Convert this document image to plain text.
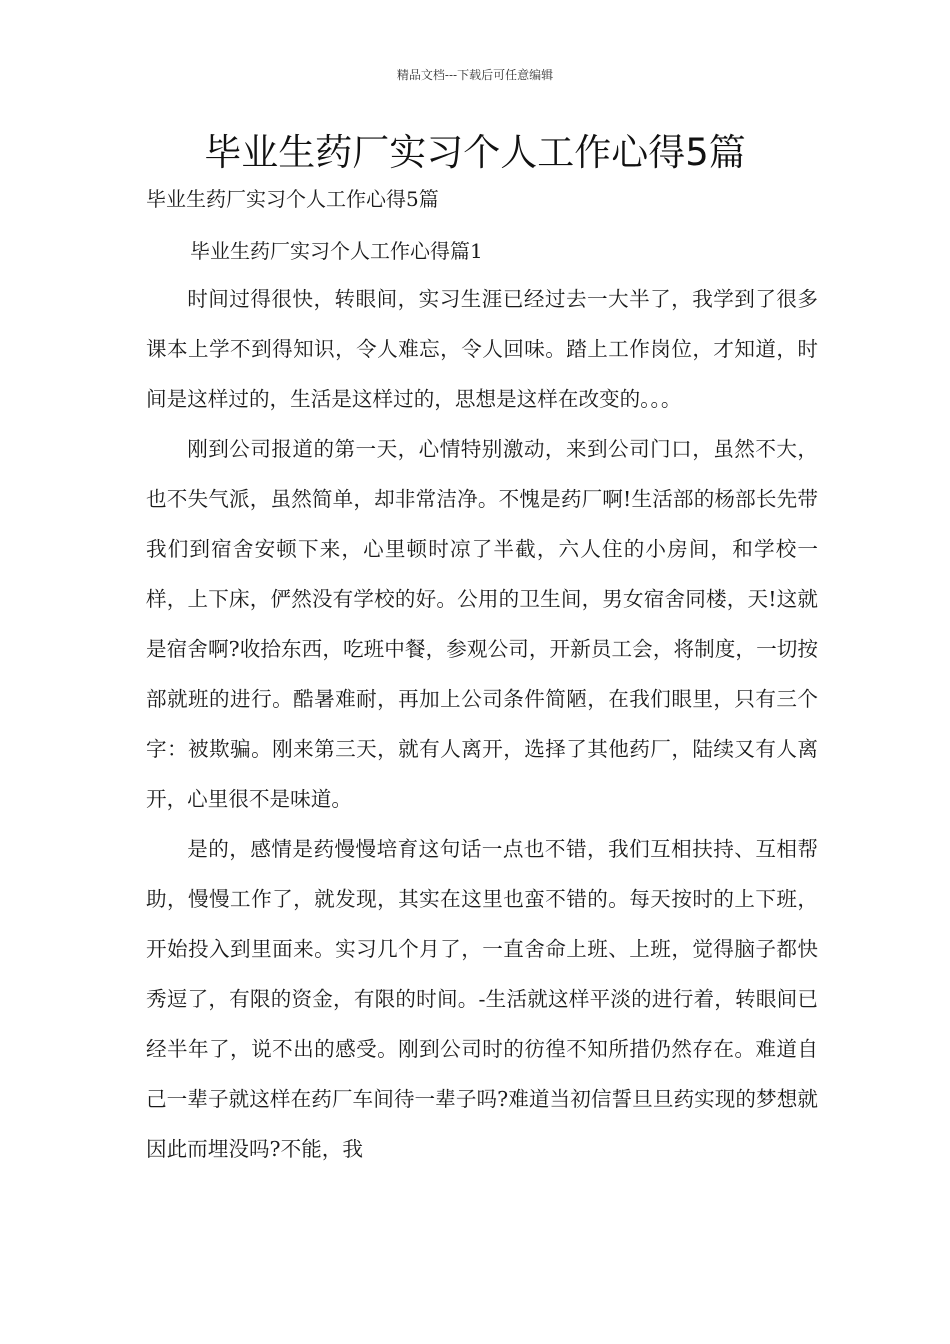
精品文档---下载后可任意编辑
毕业生药厂实习个人工作心得5篇
毕业生药厂实习个人工作心得5篇
毕业生药厂实习个人工作心得篇1

时间过得很快，转眼间，实习生涯已经过去一大半了，我学到了很多课本上学不到得知识，令人难忘，令人回味。踏上工作岗位，才知道，时间是这样过的，生活是这样过的，思想是这样在改变的。。。

刚到公司报道的第一天，心情特别激动，来到公司门口，虽然不大，也不失气派，虽然简单，却非常洁净。不愧是药厂啊!生活部的杨部长先带我们到宿舍安顿下来，心里顿时凉了半截，六人住的小房间，和学校一样，上下床，俨然没有学校的好。公用的卫生间，男女宿舍同楼，天!这就是宿舍啊?收拾东西，吃班中餐，参观公司，开新员工会，将制度，一切按部就班的进行。酷暑难耐，再加上公司条件简陋，在我们眼里，只有三个字：被欺骗。刚来第三天，就有人离开，选择了其他药厂，陆续又有人离开，心里很不是味道。

是的，感情是药慢慢培育这句话一点也不错，我们互相扶持、互相帮助，慢慢工作了，就发现，其实在这里也蛮不错的。每天按时的上下班，开始投入到里面来。实习几个月了，一直舍命上班、上班，觉得脑子都快秀逗了，有限的资金，有限的时间。-生活就这样平淡的进行着，转眼间已经半年了，说不出的感受。刚到公司时的彷徨不知所措仍然存在。难道自己一辈子就这样在药厂车间待一辈子吗?难道当初信誓旦旦药实现的梦想就因此而埋没吗?不能，我
